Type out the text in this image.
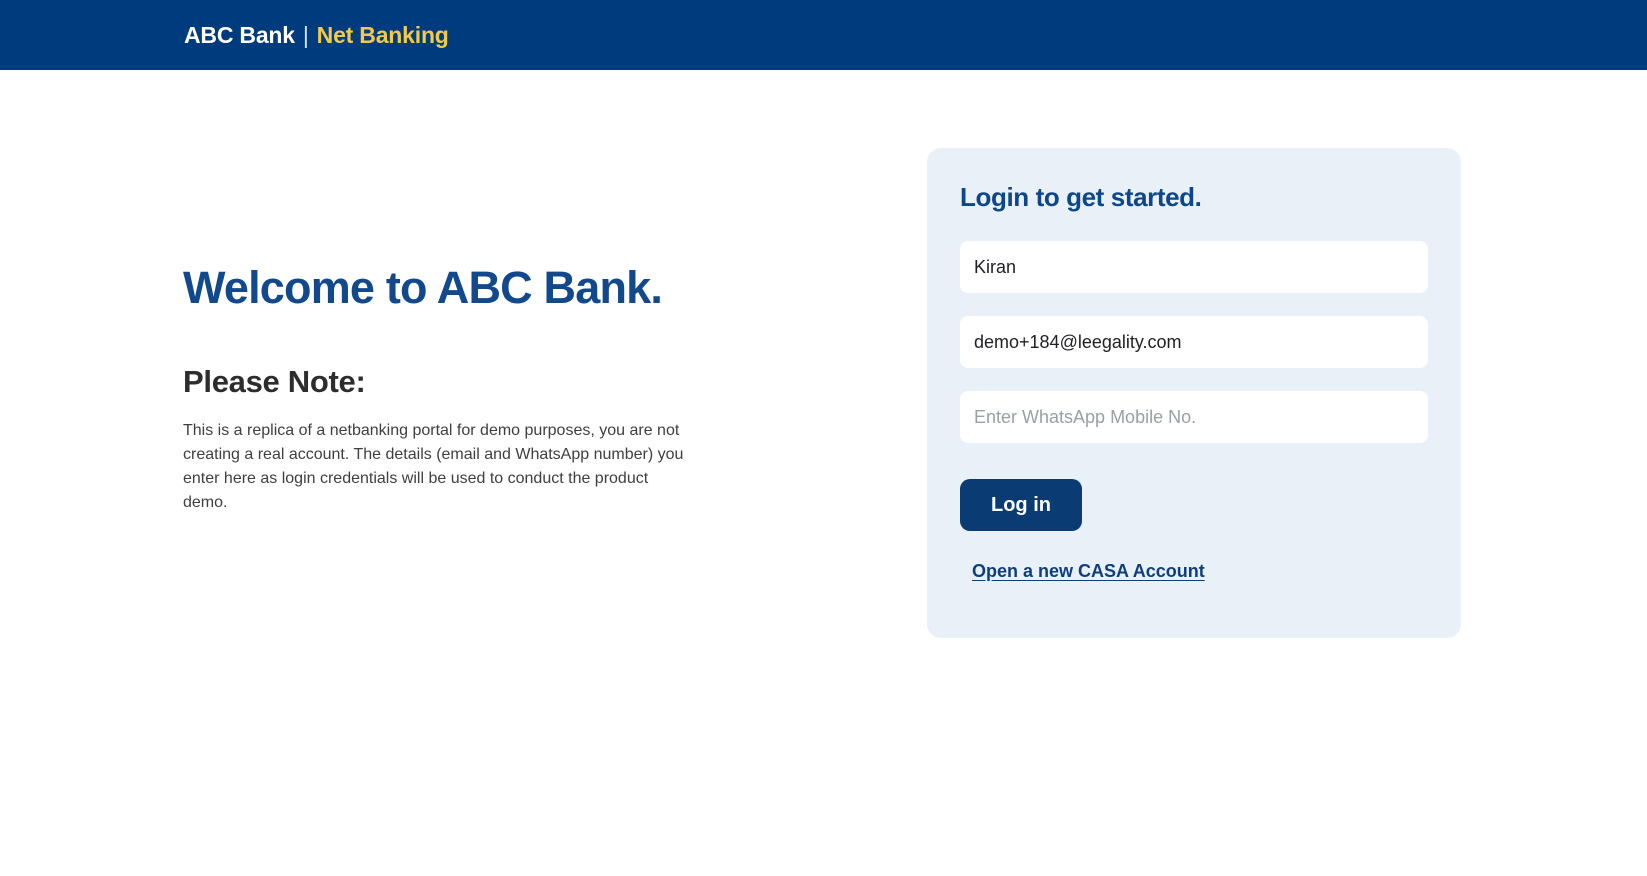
ABC Bank | Net Banking
Welcome to ABC Bank.
Please Note:
This is a replica of a netbanking portal for demo purposes, you are not
creating a real account. The details (email and WhatsApp number) you
enter here as login credentials will be used to conduct the product
demo.
Login to get started.
Kiran
demo+184@leegality.com
Enter WhatsApp Mobile No.
Log in
Open a new CASA Account
